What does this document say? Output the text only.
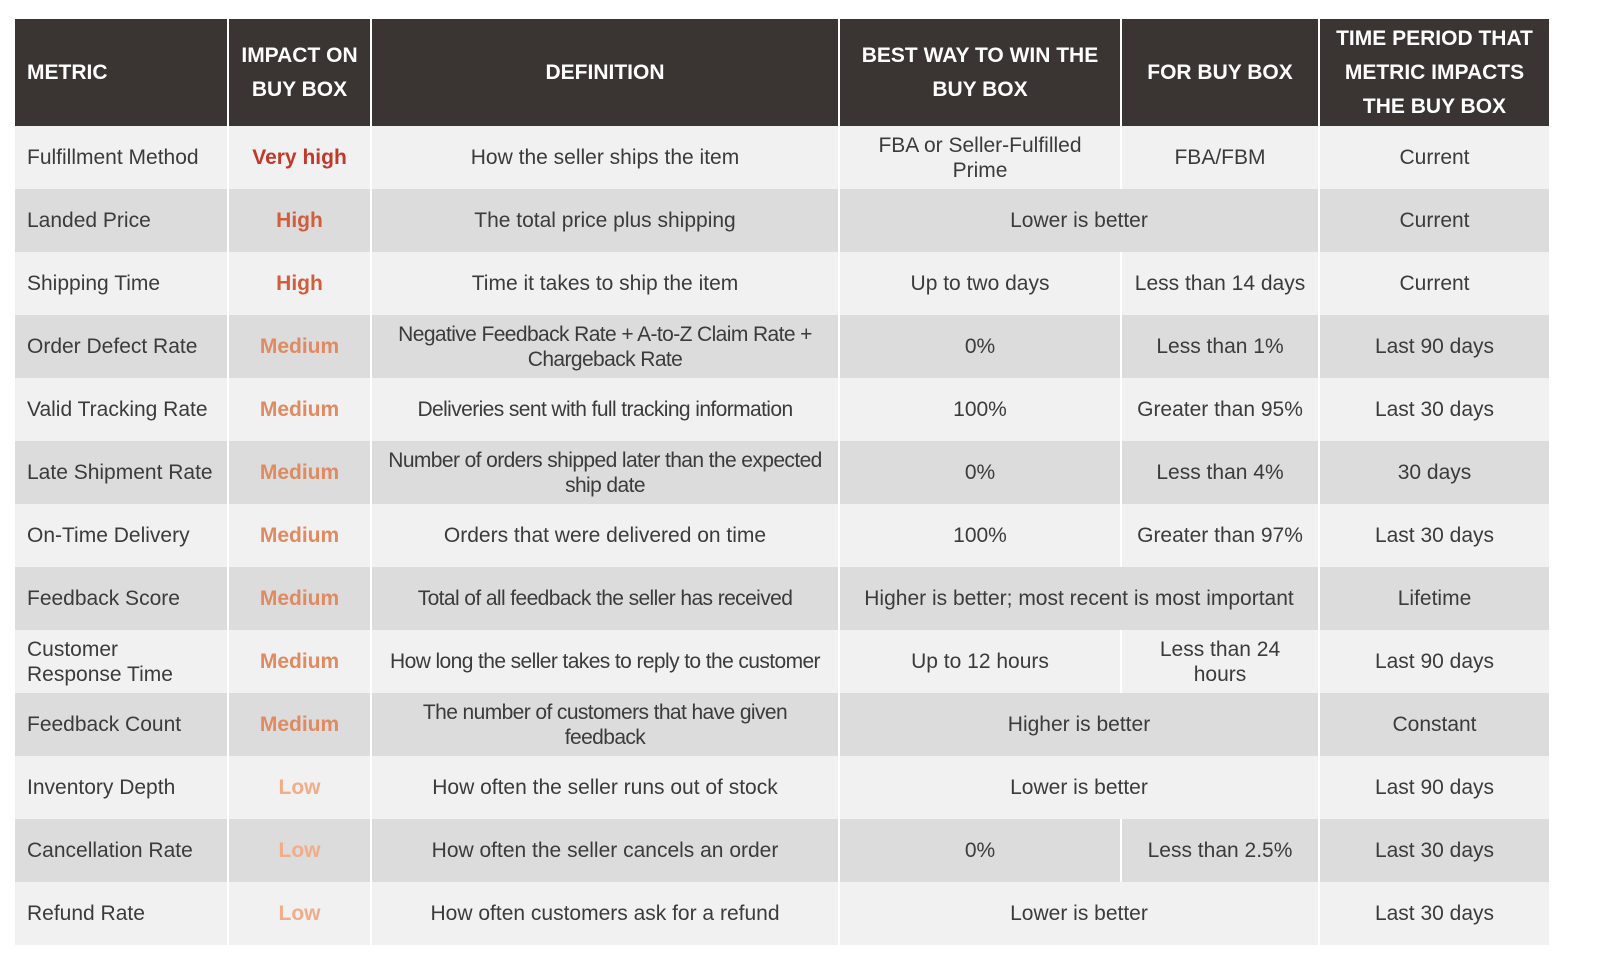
METRIC	IMPACT ON BUY BOX	DEFINITION	BEST WAY TO WIN THE BUY BOX	FOR BUY BOX	TIME PERIOD THAT METRIC IMPACTS THE BUY BOX
Fulfillment Method	Very high	How the seller ships the item	FBA or Seller-Fulfilled Prime	FBA/FBM	Current
Landed Price	High	The total price plus shipping	Lower is better		Current
Shipping Time	High	Time it takes to ship the item	Up to two days	Less than 14 days	Current
Order Defect Rate	Medium	Negative Feedback Rate + A-to-Z Claim Rate + Chargeback Rate	0%	Less than 1%	Last 90 days
Valid Tracking Rate	Medium	Deliveries sent with full tracking information	100%	Greater than 95%	Last 30 days
Late Shipment Rate	Medium	Number of orders shipped later than the expected ship date	0%	Less than 4%	30 days
On-Time Delivery	Medium	Orders that were delivered on time	100%	Greater than 97%	Last 30 days
Feedback Score	Medium	Total of all feedback the seller has received	Higher is better; most recent is most important		Lifetime
Customer Response Time	Medium	How long the seller takes to reply to the customer	Up to 12 hours	Less than 24 hours	Last 90 days
Feedback Count	Medium	The number of customers that have given feedback	Higher is better		Constant
Inventory Depth	Low	How often the seller runs out of stock	Lower is better		Last 90 days
Cancellation Rate	Low	How often the seller cancels an order	0%	Less than 2.5%	Last 30 days
Refund Rate	Low	How often customers ask for a refund	Lower is better		Last 30 days
